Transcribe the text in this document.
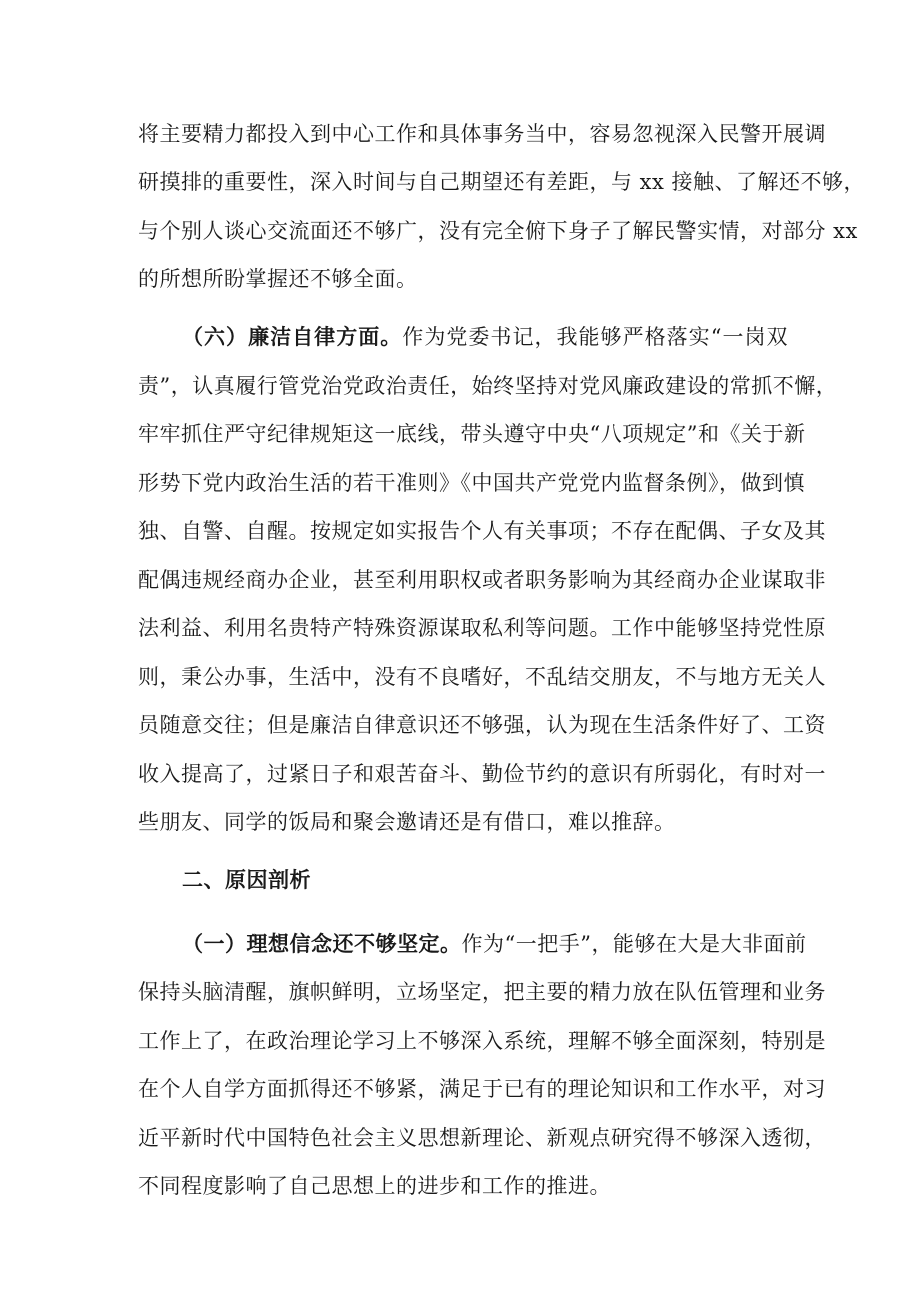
将主要精力都投入到中心工作和具体事务当中，容易忽视深入民警开展调
研摸排的重要性，深入时间与自己期望还有差距，与 xx 接触、了解还不够，
与个别人谈心交流面还不够广，没有完全俯下身子了解民警实情，对部分 xx
的所想所盼掌握还不够全面。
（六）廉洁自律方面。作为党委书记，我能够严格落实“一岗双
责”，认真履行管党治党政治责任，始终坚持对党风廉政建设的常抓不懈，
牢牢抓住严守纪律规矩这一底线，带头遵守中央“八项规定”和《关于新
形势下党内政治生活的若干准则》《中国共产党党内监督条例》，做到慎
独、自警、自醒。按规定如实报告个人有关事项；不存在配偶、子女及其
配偶违规经商办企业，甚至利用职权或者职务影响为其经商办企业谋取非
法利益、利用名贵特产特殊资源谋取私利等问题。工作中能够坚持党性原
则，秉公办事，生活中，没有不良嗜好，不乱结交朋友，不与地方无关人
员随意交往；但是廉洁自律意识还不够强，认为现在生活条件好了、工资
收入提高了，过紧日子和艰苦奋斗、勤俭节约的意识有所弱化，有时对一
些朋友、同学的饭局和聚会邀请还是有借口，难以推辞。
二、原因剖析
（一）理想信念还不够坚定。作为“一把手”，能够在大是大非面前
保持头脑清醒，旗帜鲜明，立场坚定，把主要的精力放在队伍管理和业务
工作上了，在政治理论学习上不够深入系统，理解不够全面深刻，特别是
在个人自学方面抓得还不够紧，满足于已有的理论知识和工作水平，对习
近平新时代中国特色社会主义思想新理论、新观点研究得不够深入透彻，
不同程度影响了自己思想上的进步和工作的推进。
